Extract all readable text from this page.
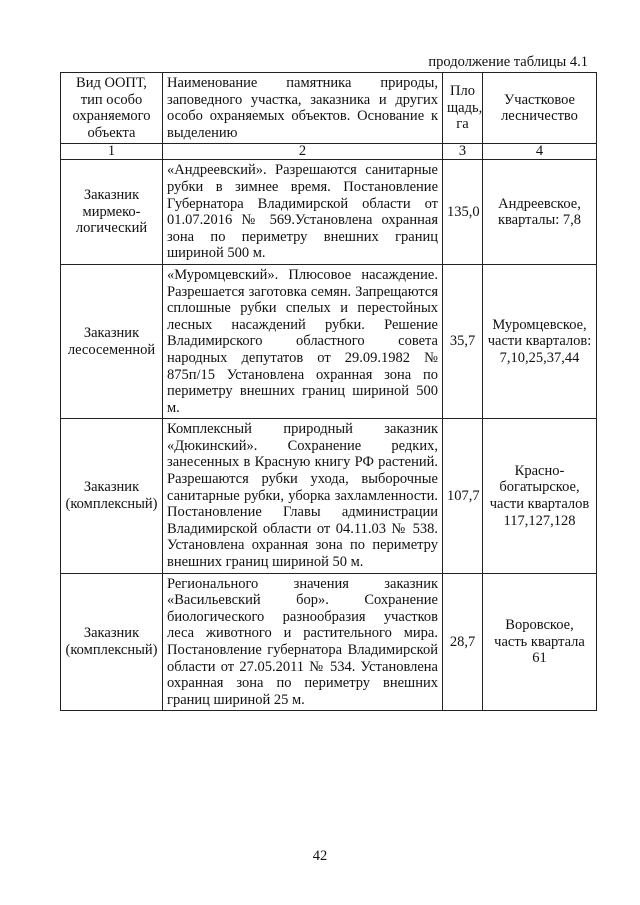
продолжение таблицы 4.1
Вид ООПТ, тип особо охраняемого объекта	Наименование памятника природы, заповедного участка, заказника и других особо охраняемых объектов. Основание к выделению	Пло щадь, га	Участковое лесничество
1	2	3	4
Заказник мирмеко-логический	«Андреевский». Разрешаются санитарные рубки в зимнее время. Постановление Губернатора Владимирской области от 01.07.2016 № 569.Установлена охранная зона по периметру внешних границ шириной 500 м.	135,0	Андреевское, кварталы: 7,8
Заказник лесосеменной	«Муромцевский». Плюсовое насаждение. Разрешается заготовка семян. Запрещаются сплошные рубки спелых и перестойных лесных насаждений рубки. Решение Владимирского областного совета народных депутатов от 29.09.1982 № 875п/15 Установлена охранная зона по периметру внешних границ шириной 500 м.	35,7	Муромцевское, части кварталов: 7,10,25,37,44
Заказник (комплексный)	Комплексный природный заказник «Дюкинский». Сохранение редких, занесенных в Красную книгу РФ растений. Разрешаются рубки ухода, выборочные санитарные рубки, уборка захламленности. Постановление Главы администрации Владимирской области от 04.11.03 № 538. Установлена охранная зона по периметру внешних границ шириной 50 м.	107,7	Красно-богатырское, части кварталов 117,127,128
Заказник (комплексный)	Регионального значения заказник «Васильевский бор». Сохранение биологического разнообразия участков леса животного и растительного мира. Постановление губернатора Владимирской области от 27.05.2011 № 534. Установлена охранная зона по периметру внешних границ шириной 25 м.	28,7	Воровское, часть квартала 61
42
